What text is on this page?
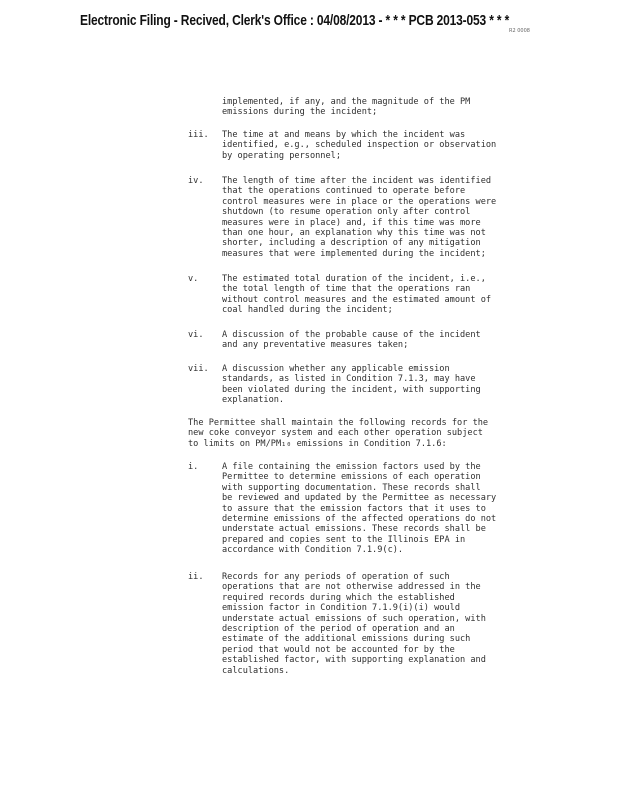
Electronic Filing - Recived, Clerk's Office : 04/08/2013 - * * * PCB 2013-053 * * *
R2 0008
implemented, if any, and the magnitude of the PM
emissions during the incident;
iii. The time at and means by which the incident was
identified, e.g., scheduled inspection or observation
by operating personnel;
iv. The length of time after the incident was identified
that the operations continued to operate before
control measures were in place or the operations were
shutdown (to resume operation only after control
measures were in place) and, if this time was more
than one hour, an explanation why this time was not
shorter, including a description of any mitigation
measures that were implemented during the incident;
v.	The estimated total duration of the incident, i.e.,
the total length of time that the operations ran
without control measures and the estimated amount of
coal handled during the incident;
vi. A discussion of the probable cause of the incident
and any preventative measures taken;
vii. A discussion whether any applicable emission
standards, as listed in Condition 7.1.3, may have
been violated during the incident, with supporting
explanation.
The Permittee shall maintain the following records for the
new coke conveyor system and each other operation subject
to limits on PM/PM₁₀ emissions in Condition 7.1.6:
i.	A file containing the emission factors used by the
Permittee to determine emissions of each operation
with supporting documentation. These records shall
be reviewed and updated by the Permittee as necessary
to assure that the emission factors that it uses to
determine emissions of the affected operations do not
understate actual emissions. These records shall be
prepared and copies sent to the Illinois EPA in
accordance with Condition 7.1.9(c).
ii. Records for any periods of operation of such
operations that are not otherwise addressed in the
required records during which the established
emission factor in Condition 7.1.9(i)(i) would
understate actual emissions of such operation, with
description of the period of operation and an
estimate of the additional emissions during such
period that would not be accounted for by the
established factor, with supporting explanation and
calculations.
